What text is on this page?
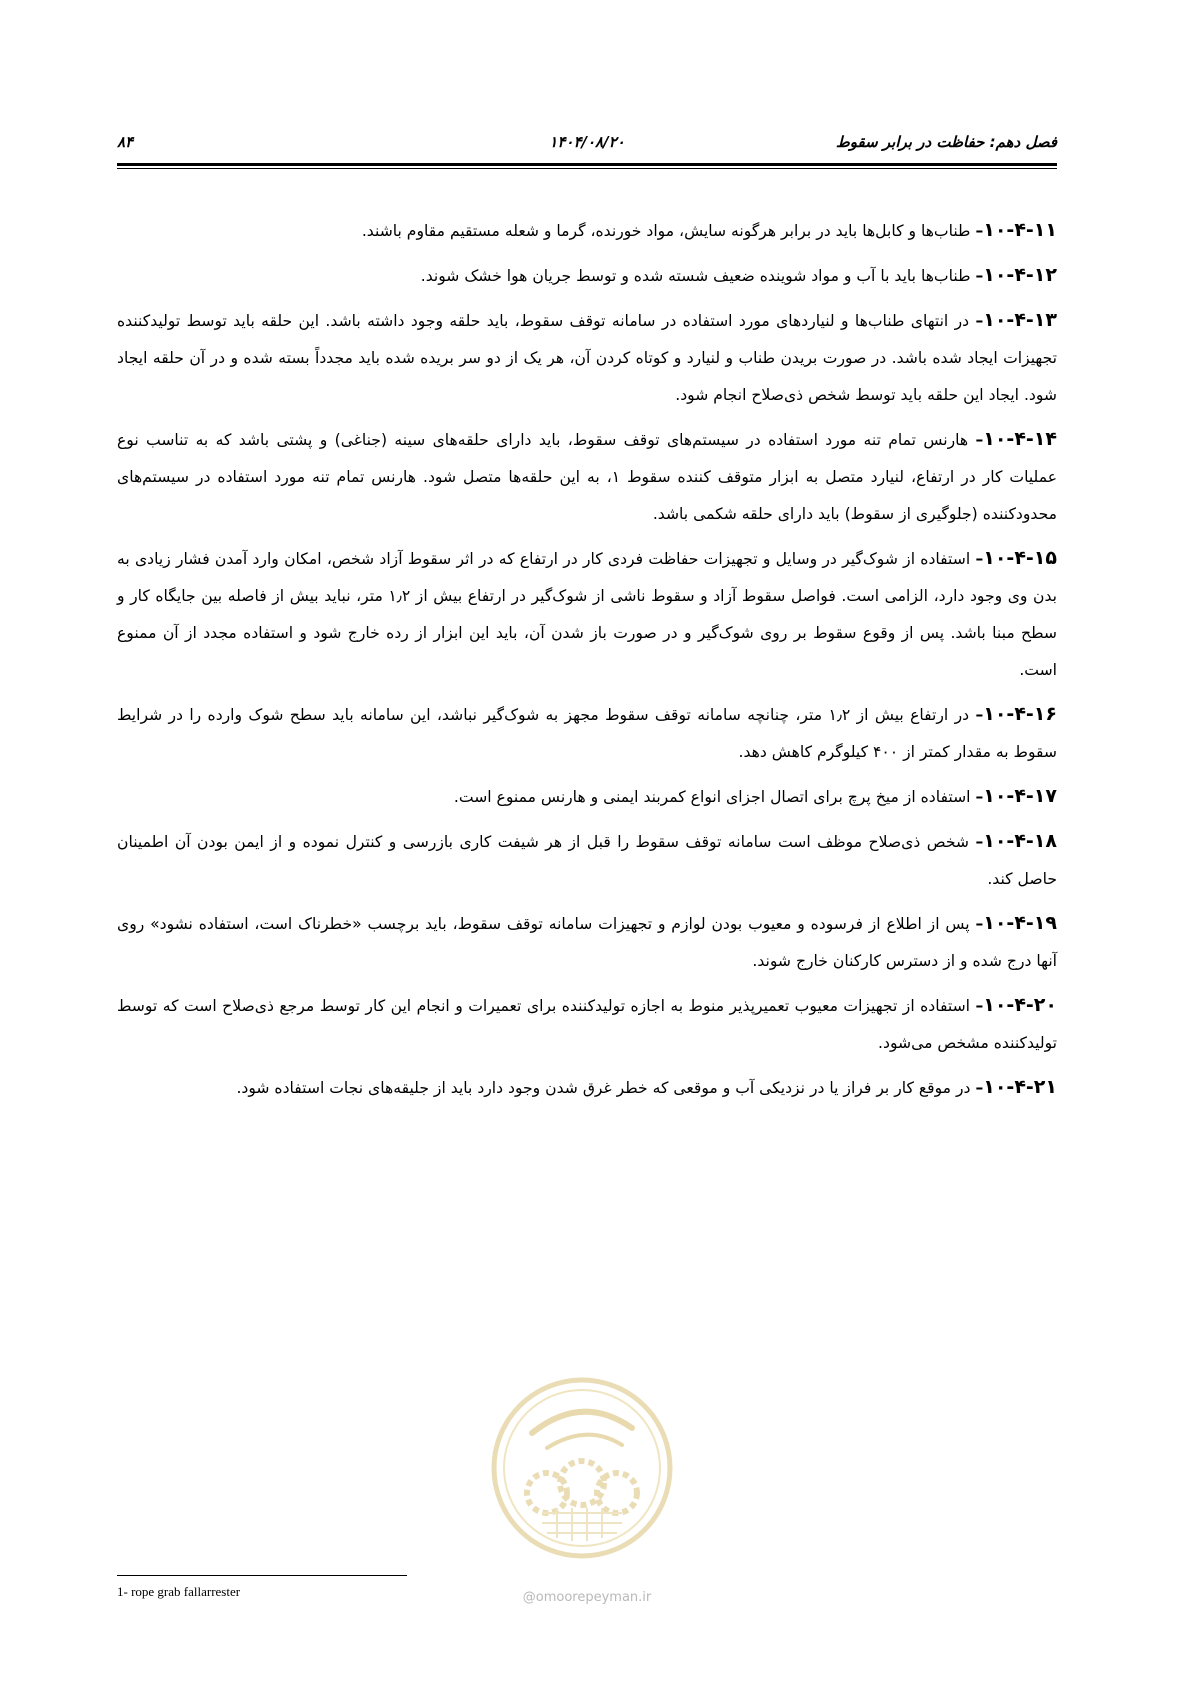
فصل دهم: حفاظت در برابر سقوط
۱۴۰۴/۰۸/۲۰
۸۴

۱۰-۴-۱۱– طناب‌ها و کابل‌ها باید در برابر هرگونه سایش، مواد خورنده، گرما و شعله مستقیم مقاوم باشند.

۱۰-۴-۱۲– طناب‌ها باید با آب و مواد شوینده ضعیف شسته شده و توسط جریان هوا خشک شوند.

۱۰-۴-۱۳– در انتهای طناب‌ها و لنیاردهای مورد استفاده در سامانه توقف سقوط، باید حلقه وجود داشته باشد. این حلقه باید توسط تولیدکننده تجهیزات ایجاد شده باشد. در صورت بریدن طناب و لنیارد و کوتاه کردن آن، هر یک از دو سر بریده شده باید مجدداً بسته شده و در آن حلقه ایجاد شود. ایجاد این حلقه باید توسط شخص ذی‌صلاح انجام شود.

۱۰-۴-۱۴– هارنس تمام تنه مورد استفاده در سیستم‌های توقف سقوط، باید دارای حلقه‌های سینه (جناغی) و پشتی باشد که به تناسب نوع عملیات کار در ارتفاع، لنیارد متصل به ابزار متوقف کننده سقوط ۱، به این حلقه‌ها متصل شود. هارنس تمام تنه مورد استفاده در سیستم‌های محدودکننده (جلوگیری از سقوط) باید دارای حلقه شکمی باشد.

۱۰-۴-۱۵– استفاده از شوک‌گیر در وسایل و تجهیزات حفاظت فردی کار در ارتفاع که در اثر سقوط آزاد شخص، امکان وارد آمدن فشار زیادی به بدن وی وجود دارد، الزامی است. فواصل سقوط آزاد و سقوط ناشی از شوک‌گیر در ارتفاع بیش از ۱٫۲ متر، نباید بیش از فاصله بین جایگاه کار و سطح مبنا باشد. پس از وقوع سقوط بر روی شوک‌گیر و در صورت باز شدن آن، باید این ابزار از رده خارج شود و استفاده مجدد از آن ممنوع است.

۱۰-۴-۱۶– در ارتفاع بیش از ۱٫۲ متر، چنانچه سامانه توقف سقوط مجهز به شوک‌گیر نباشد، این سامانه باید سطح شوک وارده را در شرایط سقوط به مقدار کمتر از ۴۰۰ کیلوگرم کاهش دهد.

۱۰-۴-۱۷– استفاده از میخ پرچ برای اتصال اجزای انواع کمربند ایمنی و هارنس ممنوع است.

۱۰-۴-۱۸– شخص ذی‌صلاح موظف است سامانه توقف سقوط را قبل از هر شیفت کاری بازرسی و کنترل نموده و از ایمن بودن آن اطمینان حاصل کند.

۱۰-۴-۱۹– پس از اطلاع از فرسوده و معیوب بودن لوازم و تجهیزات سامانه توقف سقوط، باید برچسب «خطرناک است، استفاده نشود» روی آنها درج شده و از دسترس کارکنان خارج شوند.

۱۰-۴-۲۰– استفاده از تجهیزات معیوب تعمیرپذیر منوط به اجازه تولیدکننده برای تعمیرات و انجام این کار توسط مرجع ذی‌صلاح است که توسط تولیدکننده مشخص می‌شود.

۱۰-۴-۲۱– در موقع کار بر فراز یا در نزدیکی آب و موقعی که خطر غرق شدن وجود دارد باید از جلیقه‌های نجات استفاده شود.

@omoorepeyman.ir
1- rope grab fallarrester
